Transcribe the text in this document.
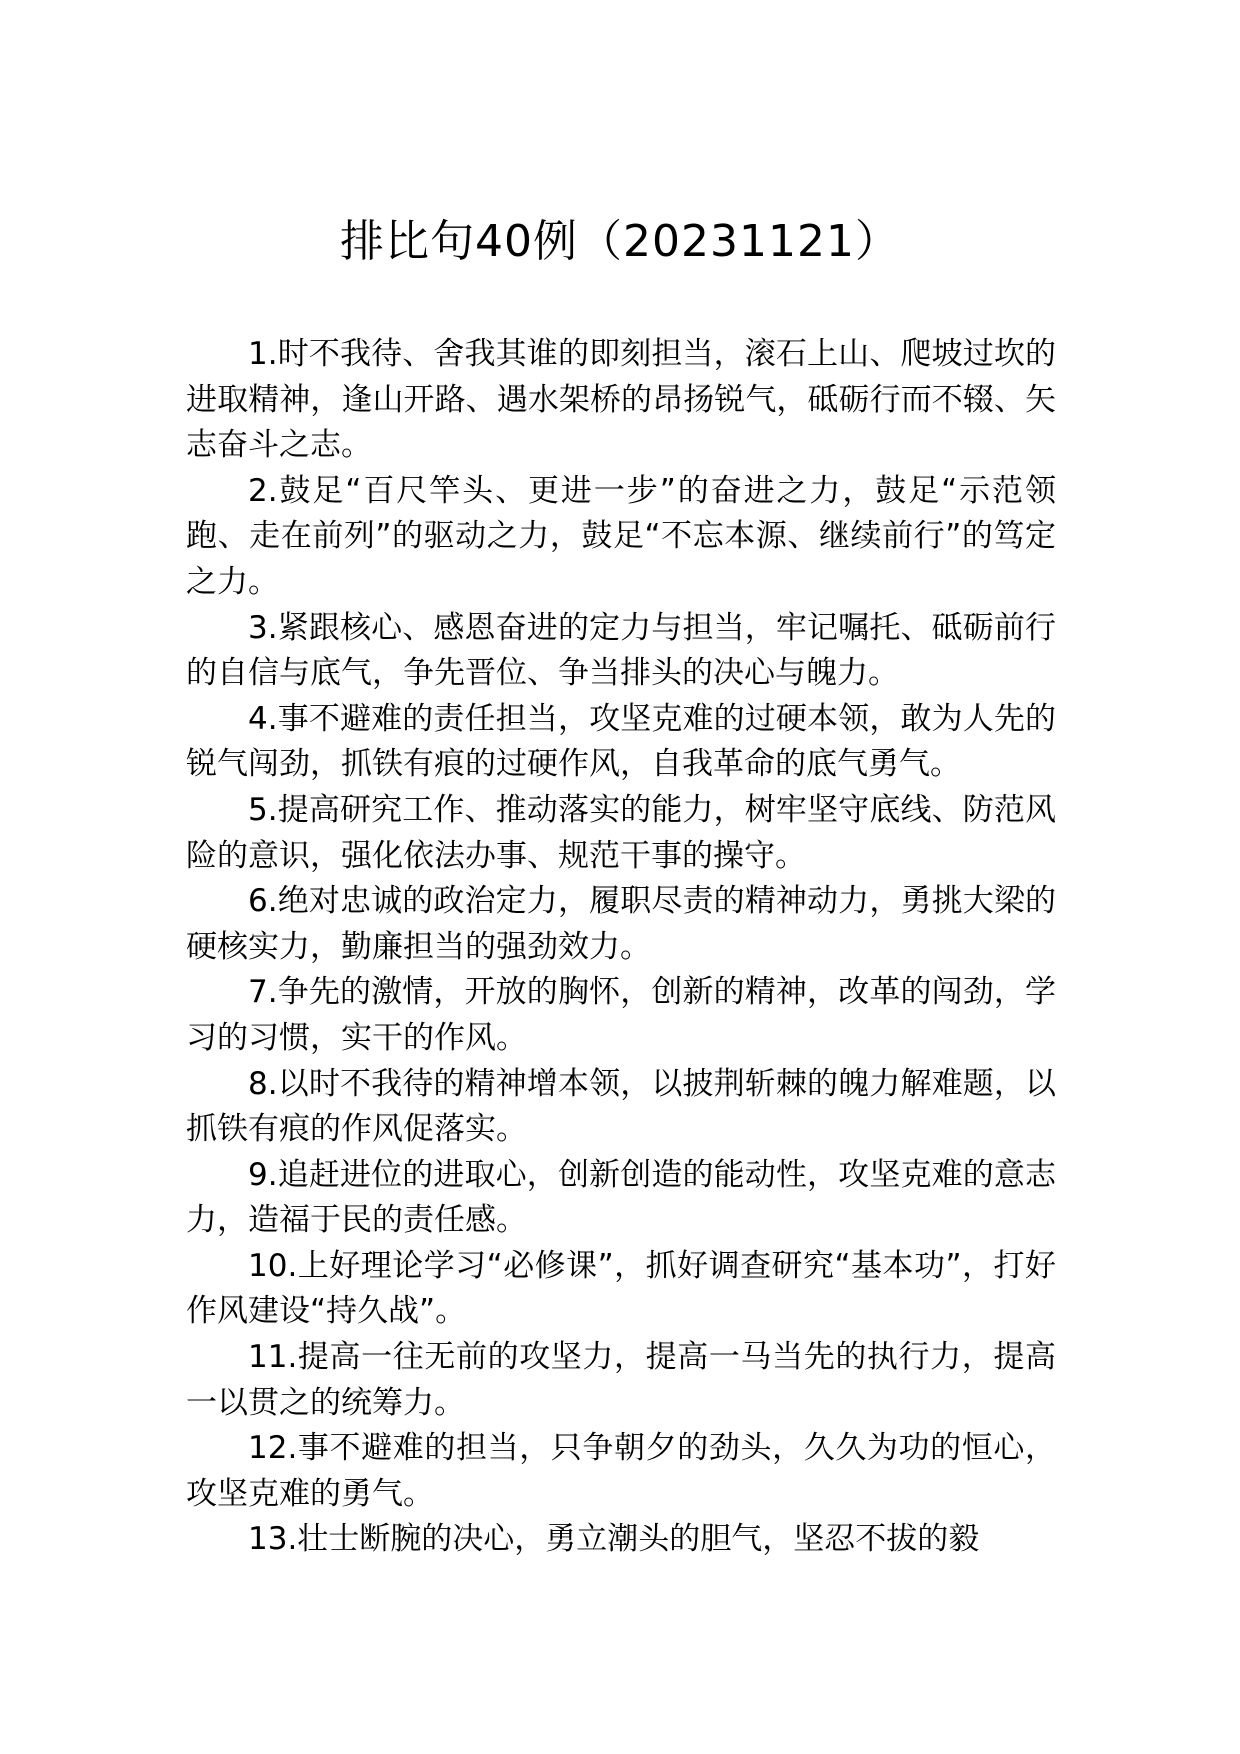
排比句40例（20231121）

1.时不我待、舍我其谁的即刻担当，滚石上山、爬坡过坎的进取精神，逢山开路、遇水架桥的昂扬锐气，砥砺行而不辍、矢志奋斗之志。

2.鼓足“百尺竿头、更进一步”的奋进之力，鼓足“示范领跑、走在前列”的驱动之力，鼓足“不忘本源、继续前行”的笃定之力。

3.紧跟核心、感恩奋进的定力与担当，牢记嘱托、砥砺前行的自信与底气，争先晋位、争当排头的决心与魄力。

4.事不避难的责任担当，攻坚克难的过硬本领，敢为人先的锐气闯劲，抓铁有痕的过硬作风，自我革命的底气勇气。

5.提高研究工作、推动落实的能力，树牢坚守底线、防范风险的意识，强化依法办事、规范干事的操守。

6.绝对忠诚的政治定力，履职尽责的精神动力，勇挑大梁的硬核实力，勤廉担当的强劲效力。

7.争先的激情，开放的胸怀，创新的精神，改革的闯劲，学习的习惯，实干的作风。

8.以时不我待的精神增本领，以披荆斩棘的魄力解难题，以抓铁有痕的作风促落实。

9.追赶进位的进取心，创新创造的能动性，攻坚克难的意志力，造福于民的责任感。

10.上好理论学习“必修课”，抓好调查研究“基本功”，打好作风建设“持久战”。

11.提高一往无前的攻坚力，提高一马当先的执行力，提高一以贯之的统筹力。

12.事不避难的担当，只争朝夕的劲头，久久为功的恒心，攻坚克难的勇气。

13.壮士断腕的决心，勇立潮头的胆气，坚忍不拔的毅
